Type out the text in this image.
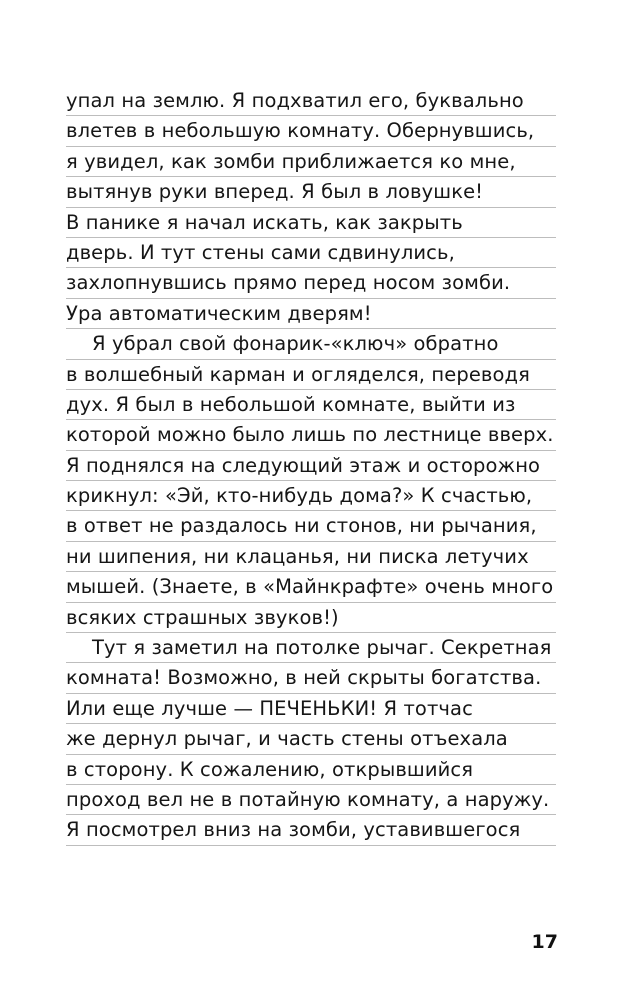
упал на землю. Я подхватил его, буквально
влетев в небольшую комнату. Обернувшись,
я увидел, как зомби приближается ко мне,
вытянув руки вперед. Я был в ловушке!
В панике я начал искать, как закрыть
дверь. И тут стены сами сдвинулись,
захлопнувшись прямо перед носом зомби.
Ура автоматическим дверям!
Я убрал свой фонарик-«ключ» обратно
в волшебный карман и огляделся, переводя
дух. Я был в небольшой комнате, выйти из
которой можно было лишь по лестнице вверх.
Я поднялся на следующий этаж и осторожно
крикнул: «Эй, кто-нибудь дома?» К счастью,
в ответ не раздалось ни стонов, ни рычания,
ни шипения, ни клацанья, ни писка летучих
мышей. (Знаете, в «Майнкрафте» очень много
всяких страшных звуков!)
Тут я заметил на потолке рычаг. Секретная
комната! Возможно, в ней скрыты богатства.
Или еще лучше — ПЕЧЕНЬКИ! Я тотчас
же дернул рычаг, и часть стены отъехала
в сторону. К сожалению, открывшийся
проход вел не в потайную комнату, а наружу.
Я посмотрел вниз на зомби, уставившегося
17
